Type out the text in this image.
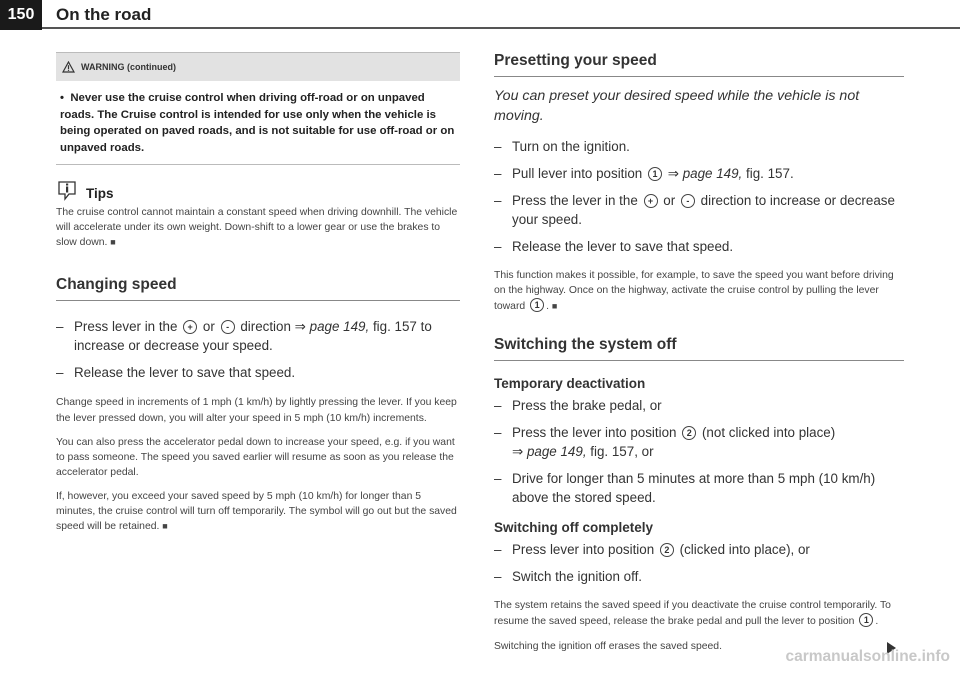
150	On the road
WARNING (continued)
•  Never use the cruise control when driving off-road or on unpaved roads. The Cruise control is intended for use only when the vehicle is being operated on paved roads, and is not suitable for use off-road or on unpaved roads.
Tips

The cruise control cannot maintain a constant speed when driving downhill. The vehicle will accelerate under its own weight. Down-shift to a lower gear or use the brakes to slow down. ■

Changing speed
– Press lever in the + or - direction ⇒ page 149, fig. 157 to increase or decrease your speed.
– Release the lever to save that speed.

Change speed in increments of 1 mph (1 km/h) by lightly pressing the lever. If you keep the lever pressed down, you will alter your speed in 5 mph (10 km/h) increments.

You can also press the accelerator pedal down to increase your speed, e.g. if you want to pass someone. The speed you saved earlier will resume as soon as you release the accelerator pedal.

If, however, you exceed your saved speed by 5 mph (10 km/h) for longer than 5 minutes, the cruise control will turn off temporarily. The symbol will go out but the saved speed will be retained. ■

Presetting your speed

You can preset your desired speed while the vehicle is not moving.

– Turn on the ignition.
– Pull lever into position 1 ⇒ page 149, fig. 157.
– Press the lever in the + or - direction to increase or decrease your speed.
– Release the lever to save that speed.

This function makes it possible, for example, to save the speed you want before driving on the highway. Once on the highway, activate the cruise control by pulling the lever toward 1 . ■

Switching the system off
Temporary deactivation
– Press the brake pedal, or
– Press the lever into position 2 (not clicked into place)
⇒ page 149, fig. 157, or
– Drive for longer than 5 minutes at more than 5 mph (10 km/h) above the stored speed.
Switching off completely
– Press lever into position 2 (clicked into place), or
– Switch the ignition off.

The system retains the saved speed if you deactivate the cruise control temporarily. To resume the saved speed, release the brake pedal and pull the lever to position 1 .

Switching the ignition off erases the saved speed.

carmanualsonline.info
